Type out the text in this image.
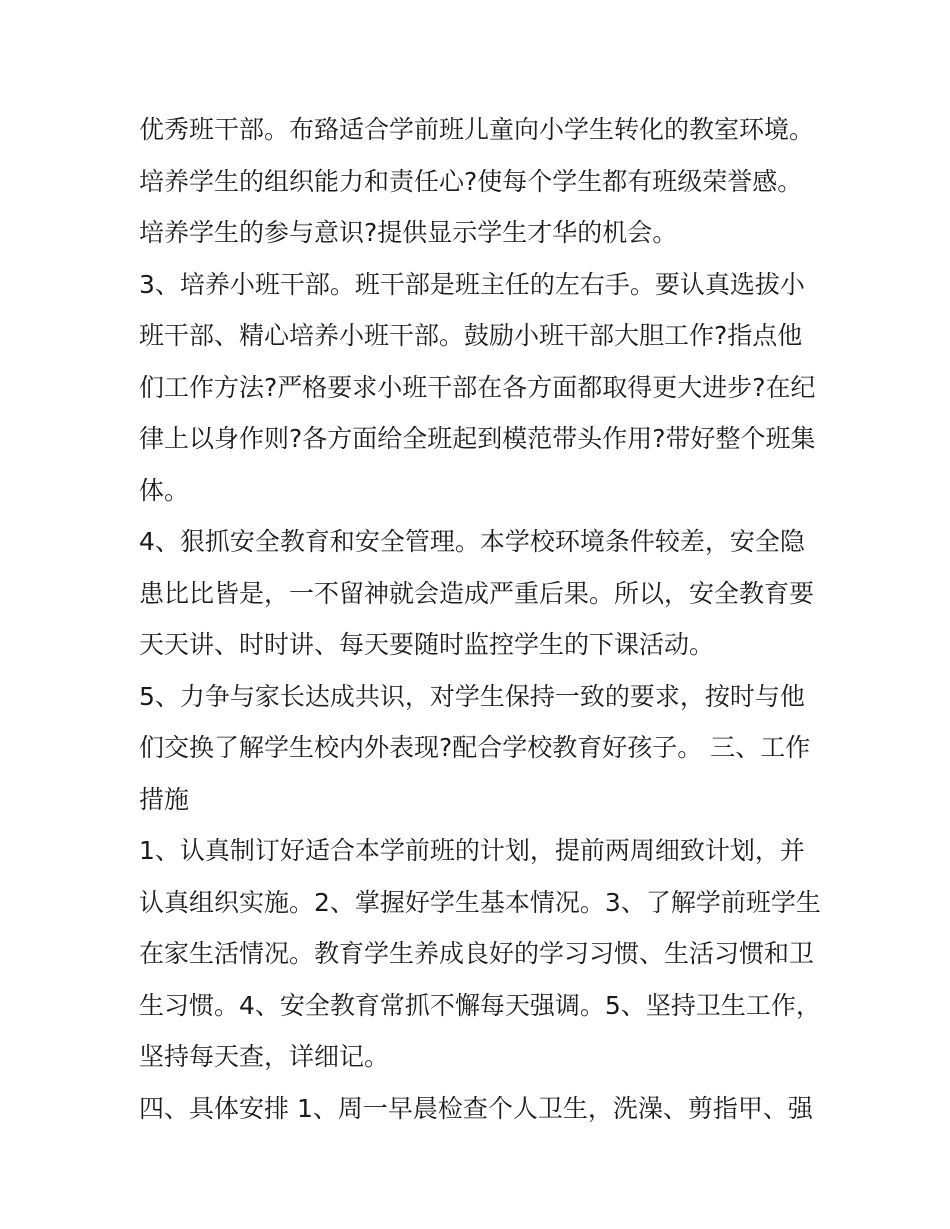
优秀班干部。布臵适合学前班儿童向小学生转化的教室环境。
培养学生的组织能力和责任心?使每个学生都有班级荣誉感。
培养学生的参与意识?提供显示学生才华的机会。
3、培养小班干部。班干部是班主任的左右手。要认真选拔小
班干部、精心培养小班干部。鼓励小班干部大胆工作?指点他
们工作方法?严格要求小班干部在各方面都取得更大进步?在纪
律上以身作则?各方面给全班起到模范带头作用?带好整个班集
体。
4、狠抓安全教育和安全管理。本学校环境条件较差，安全隐
患比比皆是，一不留神就会造成严重后果。所以，安全教育要
天天讲、时时讲、每天要随时监控学生的下课活动。
5、力争与家长达成共识，对学生保持一致的要求，按时与他
们交换了解学生校内外表现?配合学校教育好孩子。 三、工作
措施
1、认真制订好适合本学前班的计划，提前两周细致计划，并
认真组织实施。2、掌握好学生基本情况。3、了解学前班学生
在家生活情况。教育学生养成良好的学习习惯、生活习惯和卫
生习惯。4、安全教育常抓不懈每天强调。5、坚持卫生工作，
坚持每天查，详细记。
四、具体安排 1、周一早晨检查个人卫生，洗澡、剪指甲、强
